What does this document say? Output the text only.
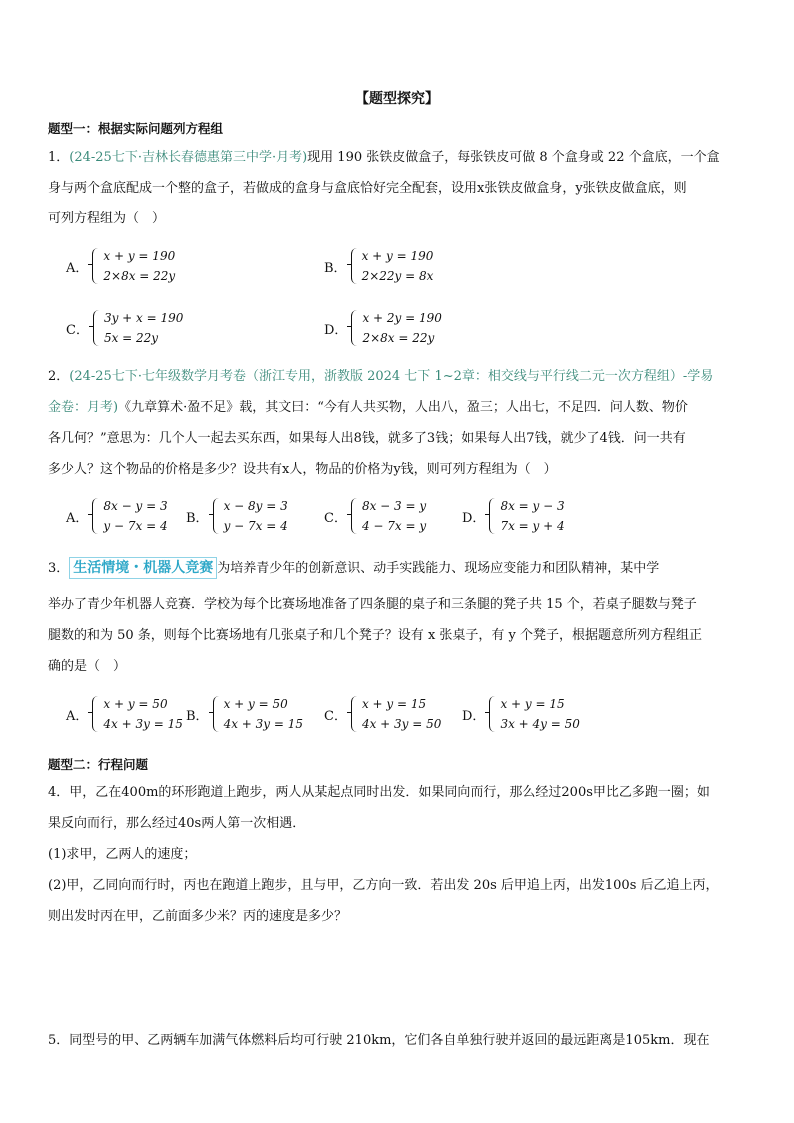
【题型探究】
题型一：根据实际问题列方程组
1．(24-25七下·吉林长春德惠第三中学·月考)现用 190 张铁皮做盒子，每张铁皮可做 8 个盒身或 22 个盒底，一个盒
身与两个盒底配成一个整的盒子，若做成的盒身与盒底恰好完全配套，设用x张铁皮做盒身，y张铁皮做盒底，则
可列方程组为（　）
A．
x + y = 190
2×8x = 22y
B．
x + y = 190
2×22y = 8x
C．
3y + x = 190
5x = 22y
D．
x + 2y = 190
2×8x = 22y
2．(24-25七下·七年级数学月考卷（浙江专用，浙教版 2024 七下 1~2章：相交线与平行线二元一次方程组）-学易
金卷：月考)《九章算术·盈不足》载，其文曰：“今有人共买物，人出八，盈三；人出七，不足四．问人数、物价
各几何？”意思为：几个人一起去买东西，如果每人出8钱，就多了3钱；如果每人出7钱，就少了4钱．问一共有
多少人？这个物品的价格是多少？设共有x人，物品的价格为y钱，则可列方程组为（　）
A．
8x − y = 3
y − 7x = 4
B．
x − 8y = 3
y − 7x = 4
C．
8x − 3 = y
4 − 7x = y
D．
8x = y − 3
7x = y + 4
3． 生活情境・机器人竞赛 为培养青少年的创新意识、动手实践能力、现场应变能力和团队精神，某中学
举办了青少年机器人竞赛．学校为每个比赛场地准备了四条腿的桌子和三条腿的凳子共 15 个，若桌子腿数与凳子
腿数的和为 50 条，则每个比赛场地有几张桌子和几个凳子？设有 x 张桌子，有 y 个凳子，根据题意所列方程组正
确的是（　）
A．
x + y = 50
4x + 3y = 15
B．
x + y = 50
4x + 3y = 15
C．
x + y = 15
4x + 3y = 50
D．
x + y = 15
3x + 4y = 50
题型二：行程问题
4．甲，乙在400m的环形跑道上跑步，两人从某起点同时出发．如果同向而行，那么经过200s甲比乙多跑一圈；如
果反向而行，那么经过40s两人第一次相遇．
(1)求甲，乙两人的速度；
(2)甲，乙同向而行时，丙也在跑道上跑步，且与甲，乙方向一致．若出发 20s 后甲追上丙，出发100s 后乙追上丙，
则出发时丙在甲，乙前面多少米？丙的速度是多少？
5．同型号的甲、乙两辆车加满气体燃料后均可行驶 210km，它们各自单独行驶并返回的最远距离是105km．现在
